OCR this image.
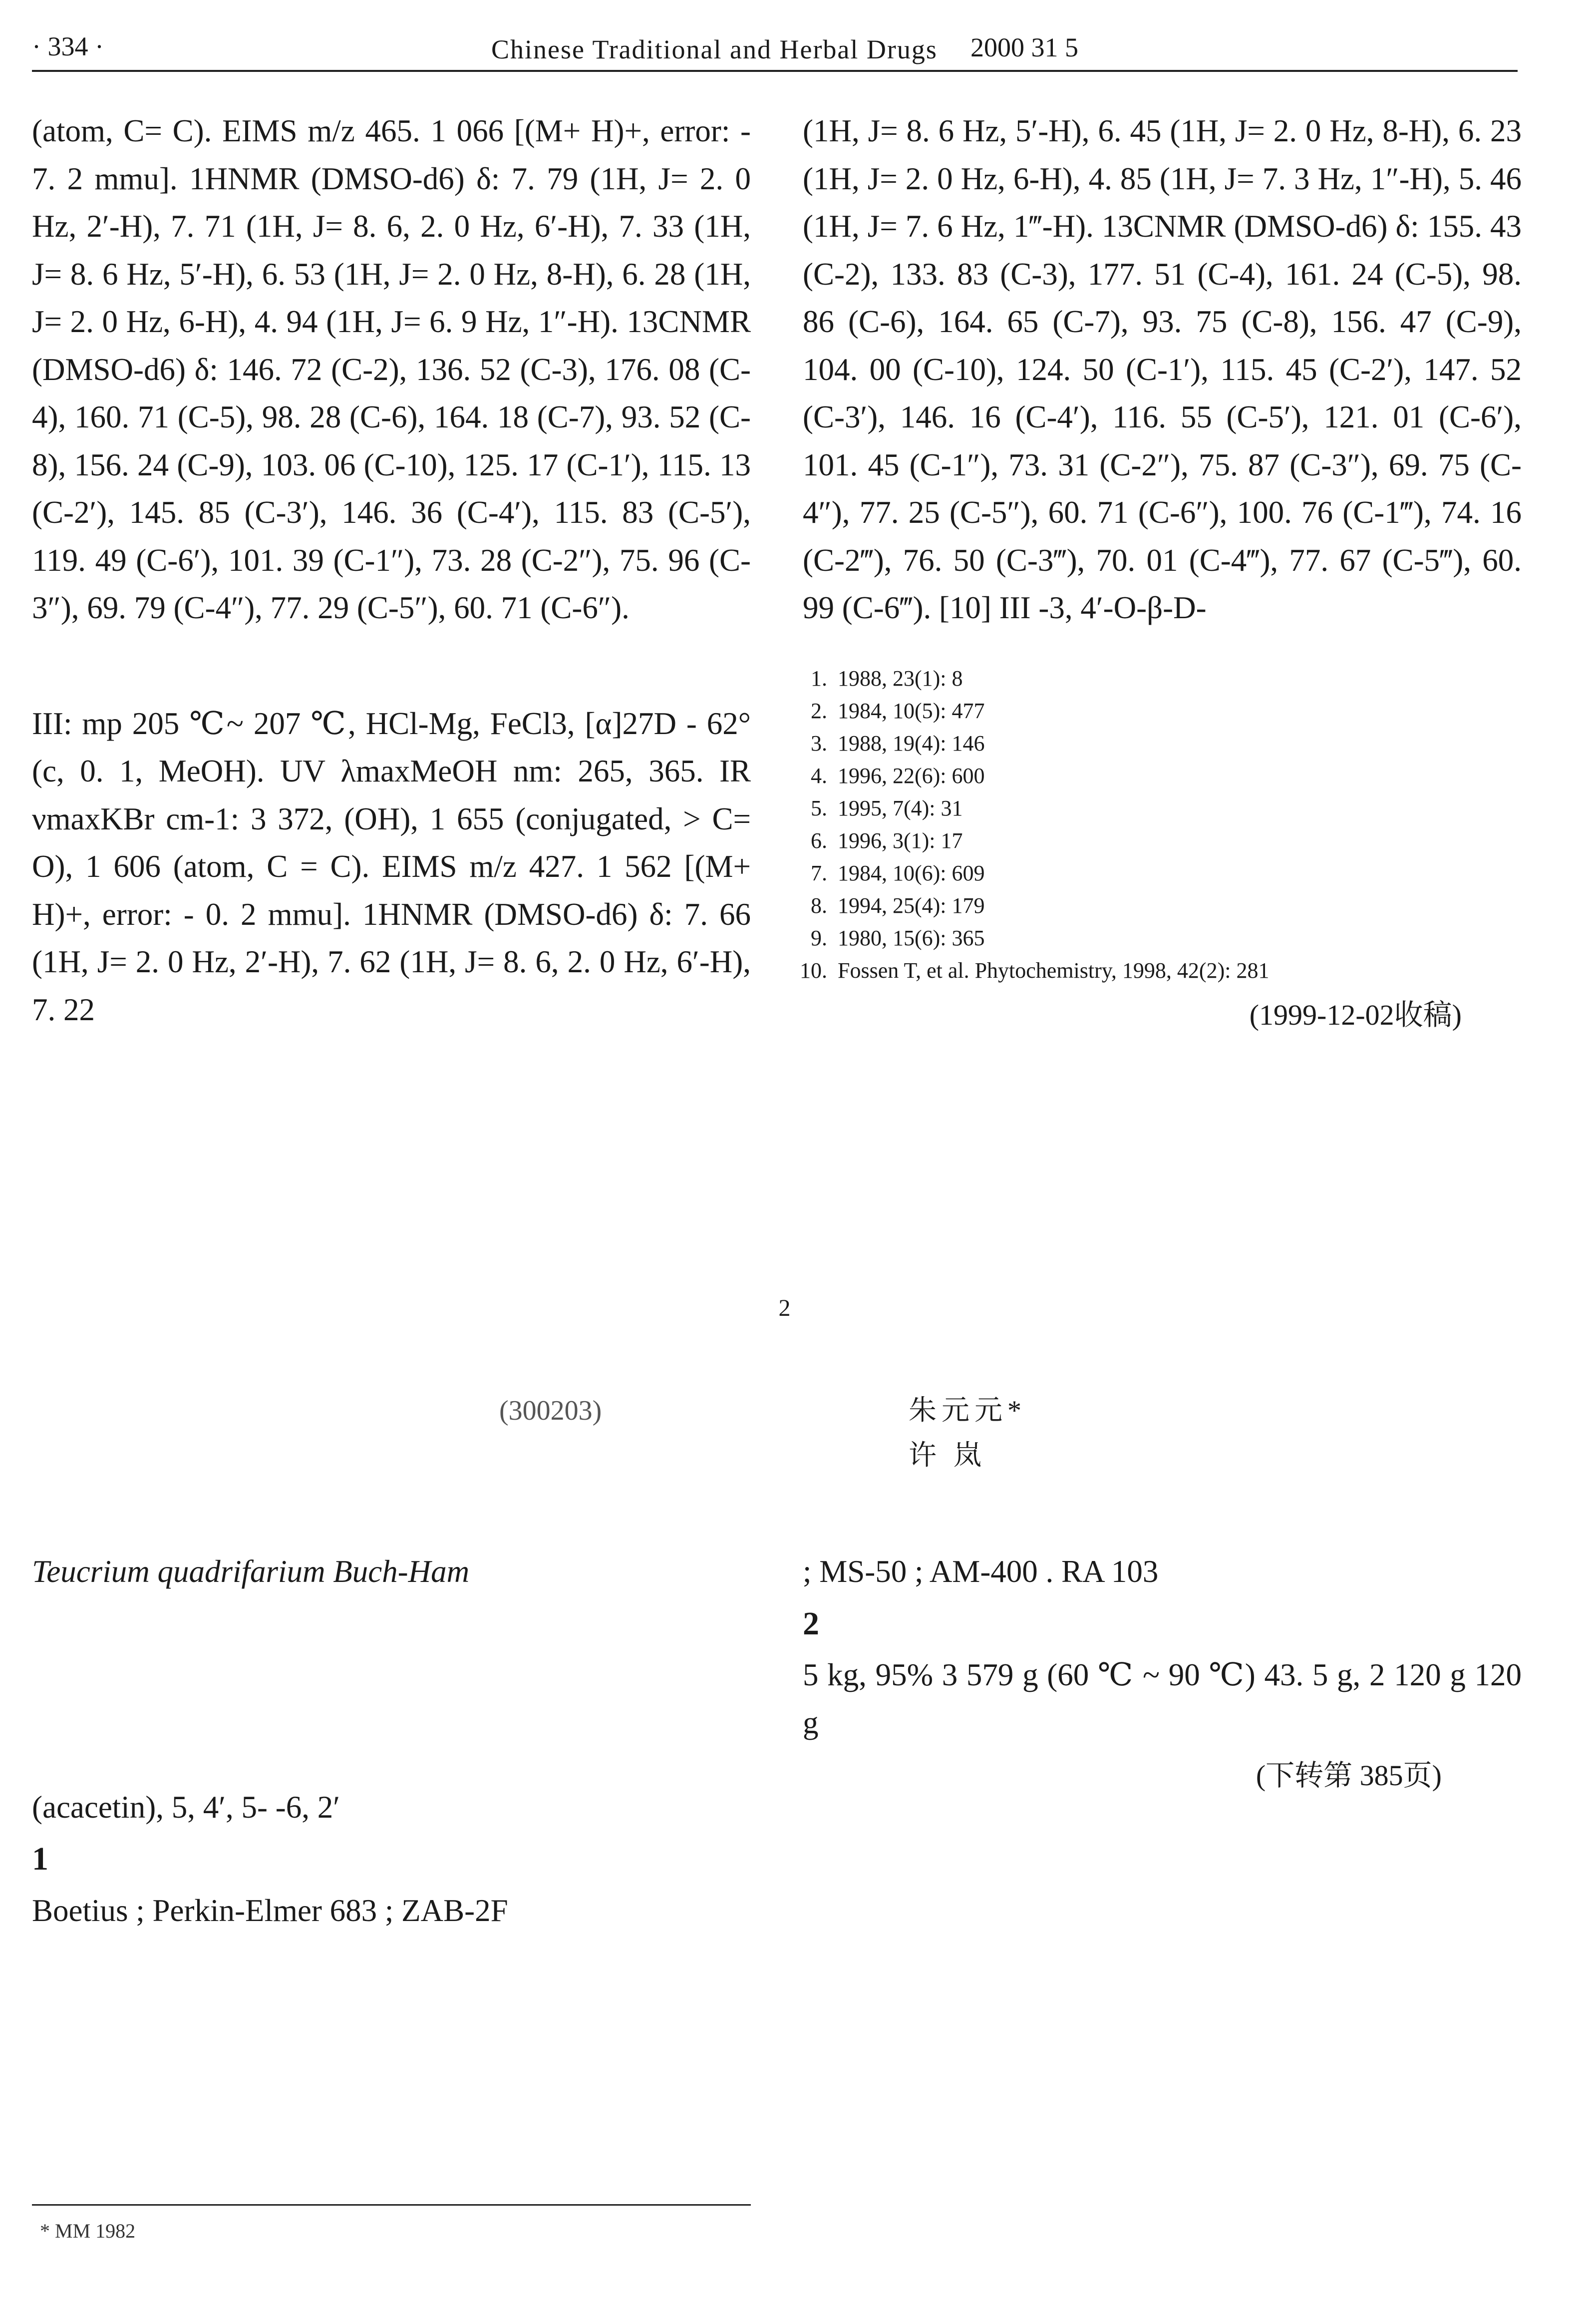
· 334 ·	Chinese Traditional and Herbal Drugs 2000 31 5

(atom, C= C). EIMS m/z 465. 1 066 [(M+ H)+, error: - 7. 2 mmu]. 1HNMR (DMSO-d6) δ: 7. 79 (1H, J= 2. 0 Hz, 2′-H), 7. 71 (1H, J= 8. 6, 2. 0 Hz, 6′-H), 7. 33 (1H, J= 8. 6 Hz, 5′-H), 6. 53 (1H, J= 2. 0 Hz, 8-H), 6. 28 (1H, J= 2. 0 Hz, 6-H), 4. 94 (1H, J= 6. 9 Hz, 1″-H). 13CNMR (DMSO-d6) δ: 146. 72 (C-2), 136. 52 (C-3), 176. 08 (C-4), 160. 71 (C-5), 98. 28 (C-6), 164. 18 (C-7), 93. 52 (C-8), 156. 24 (C-9), 103. 06 (C-10), 125. 17 (C-1′), 115. 13 (C-2′), 145. 85 (C-3′), 146. 36 (C-4′), 115. 83 (C-5′), 119. 49 (C-6′), 101. 39 (C-1″), 73. 28 (C-2″), 75. 96 (C-3″), 69. 79 (C-4″), 77. 29 (C-5″), 60. 71 (C-6″).

III: mp 205 ℃~ 207 ℃, HCl-Mg, FeCl3, [α]27D - 62° (c, 0. 1, MeOH). UV λmaxMeOH nm: 265, 365. IR νmaxKBr cm-1: 3 372, (OH), 1 655 (conjugated, > C= O), 1 606 (atom, C = C). EIMS m/z 427. 1 562 [(M+ H)+, error: - 0. 2 mmu]. 1HNMR (DMSO-d6) δ: 7. 66 (1H, J= 2. 0 Hz, 2′-H), 7. 62 (1H, J= 8. 6, 2. 0 Hz, 6′-H), 7. 22

(1H, J= 8. 6 Hz, 5′-H), 6. 45 (1H, J= 2. 0 Hz, 8-H), 6. 23 (1H, J= 2. 0 Hz, 6-H), 4. 85 (1H, J= 7. 3 Hz, 1″-H), 5. 46 (1H, J= 7. 6 Hz, 1‴-H). 13CNMR (DMSO-d6) δ: 155. 43 (C-2), 133. 83 (C-3), 177. 51 (C-4), 161. 24 (C-5), 98. 86 (C-6), 164. 65 (C-7), 93. 75 (C-8), 156. 47 (C-9), 104. 00 (C-10), 124. 50 (C-1′), 115. 45 (C-2′), 147. 52 (C-3′), 146. 16 (C-4′), 116. 55 (C-5′), 121. 01 (C-6′), 101. 45 (C-1″), 73. 31 (C-2″), 75. 87 (C-3″), 69. 75 (C-4″), 77. 25 (C-5″), 60. 71 (C-6″), 100. 76 (C-1‴), 74. 16 (C-2‴), 76. 50 (C-3‴), 70. 01 (C-4‴), 77. 67 (C-5‴), 60. 99 (C-6‴). [10] III -3, 4′-O-β-D-

1. 1988, 23(1): 8
2. 1984, 10(5): 477
3. 1988, 19(4): 146
4. 1996, 22(6): 600
5. 1995, 7(4): 31
6. 1996, 3(1): 17
7. 1984, 10(6): 609
8. 1994, 25(4): 179
9. 1980, 15(6): 365
10. Fossen T, et al. Phytochemistry, 1998, 42(2): 281
(1999-12-02收稿)
$^2$
(300203)	朱元元*
许 岚

Teucrium quadrifarium Buch-Ham

(acacetin), 5, 4′, 5- -6, 2′

1

Boetius ; Perkin-Elmer 683 ; ZAB-2F

; MS-50 ; AM-400 . RA 103

2

5 kg, 95% 3 579 g (60 ℃ ~ 90 ℃) 43. 5 g, 2 120 g 120 g

(下转第 385页)
* MM 1982
